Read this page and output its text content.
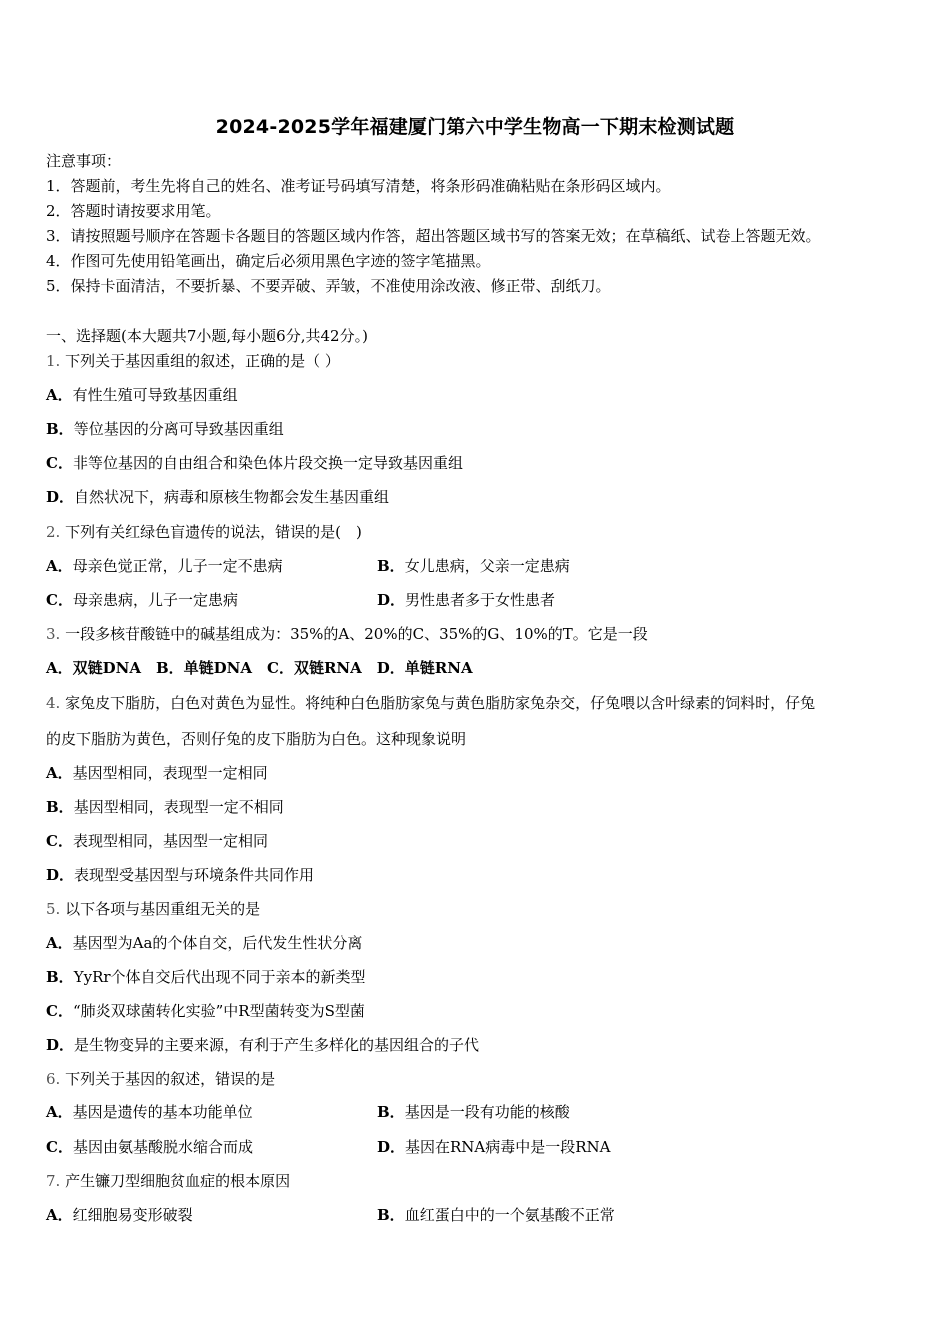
2024-2025学年福建厦门第六中学生物高一下期末检测试题
注意事项：
1．答题前，考生先将自己的姓名、准考证号码填写清楚，将条形码准确粘贴在条形码区域内。
2．答题时请按要求用笔。
3．请按照题号顺序在答题卡各题目的答题区域内作答，超出答题区域书写的答案无效；在草稿纸、试卷上答题无效。
4．作图可先使用铅笔画出，确定后必须用黑色字迹的签字笔描黑。
5．保持卡面清洁，不要折暴、不要弄破、弄皱，不准使用涂改液、修正带、刮纸刀。
一、选择题(本大题共7小题,每小题6分,共42分。)
1. 下列关于基因重组的叙述，正确的是（ ）
A．有性生殖可导致基因重组
B．等位基因的分离可导致基因重组
C．非等位基因的自由组合和染色体片段交换一定导致基因重组
D．自然状况下，病毒和原核生物都会发生基因重组
2. 下列有关红绿色盲遗传的说法，错误的是(　)
A．母亲色觉正常，儿子一定不患病	B．女儿患病，父亲一定患病
C．母亲患病，儿子一定患病	D．男性患者多于女性患者
3. 一段多核苷酸链中的碱基组成为：35%的A、20%的C、35%的G、10%的T。它是一段
A．双链DNA　B．单链DNA　C．双链RNA　D．单链RNA
4. 家兔皮下脂肪，白色对黄色为显性。将纯种白色脂肪家兔与黄色脂肪家兔杂交，仔兔喂以含叶绿素的饲料时，仔兔
的皮下脂肪为黄色，否则仔兔的皮下脂肪为白色。这种现象说明
A．基因型相同，表现型一定相同
B．基因型相同，表现型一定不相同
C．表现型相同，基因型一定相同
D．表现型受基因型与环境条件共同作用
5. 以下各项与基因重组无关的是
A．基因型为Aa的个体自交，后代发生性状分离
B．YyRr个体自交后代出现不同于亲本的新类型
C．“肺炎双球菌转化实验”中R型菌转变为S型菌
D．是生物变异的主要来源，有利于产生多样化的基因组合的子代
6. 下列关于基因的叙述，错误的是
A．基因是遗传的基本功能单位	B．基因是一段有功能的核酸
C．基因由氨基酸脱水缩合而成	D．基因在RNA病毒中是一段RNA
7. 产生镰刀型细胞贫血症的根本原因
A．红细胞易变形破裂	B．血红蛋白中的一个氨基酸不正常
